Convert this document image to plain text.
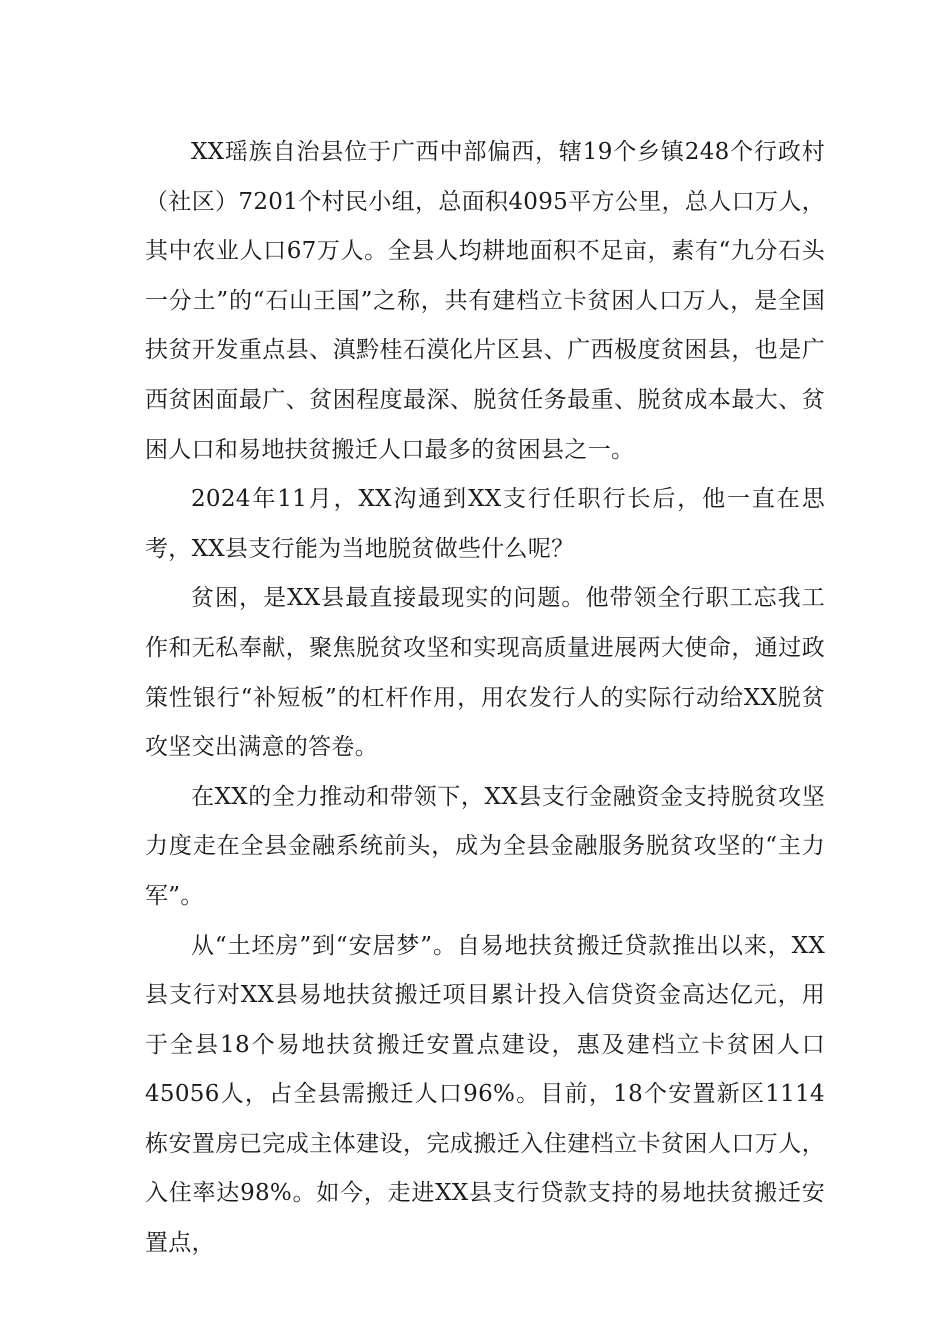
XX瑶族自治县位于广西中部偏西，辖19个乡镇248个行政村（社区）7201个村民小组，总面积4095平方公里，总人口万人，其中农业人口67万人。全县人均耕地面积不足亩，素有“九分石头一分土”的“石山王国”之称，共有建档立卡贫困人口万人，是全国扶贫开发重点县、滇黔桂石漠化片区县、广西极度贫困县，也是广西贫困面最广、贫困程度最深、脱贫任务最重、脱贫成本最大、贫困人口和易地扶贫搬迁人口最多的贫困县之一。

2024年11月，XX沟通到XX支行任职行长后，他一直在思考，XX县支行能为当地脱贫做些什么呢？

贫困，是XX县最直接最现实的问题。他带领全行职工忘我工作和无私奉献，聚焦脱贫攻坚和实现高质量进展两大使命，通过政策性银行“补短板”的杠杆作用，用农发行人的实际行动给XX脱贫攻坚交出满意的答卷。

在XX的全力推动和带领下，XX县支行金融资金支持脱贫攻坚力度走在全县金融系统前头，成为全县金融服务脱贫攻坚的“主力军”。

从“土坯房”到“安居梦”。自易地扶贫搬迁贷款推出以来，XX县支行对XX县易地扶贫搬迁项目累计投入信贷资金高达亿元，用于全县18个易地扶贫搬迁安置点建设，惠及建档立卡贫困人口45056人，占全县需搬迁人口96%。目前，18个安置新区1114栋安置房已完成主体建设，完成搬迁入住建档立卡贫困人口万人，入住率达98%。如今，走进XX县支行贷款支持的易地扶贫搬迁安置点，
